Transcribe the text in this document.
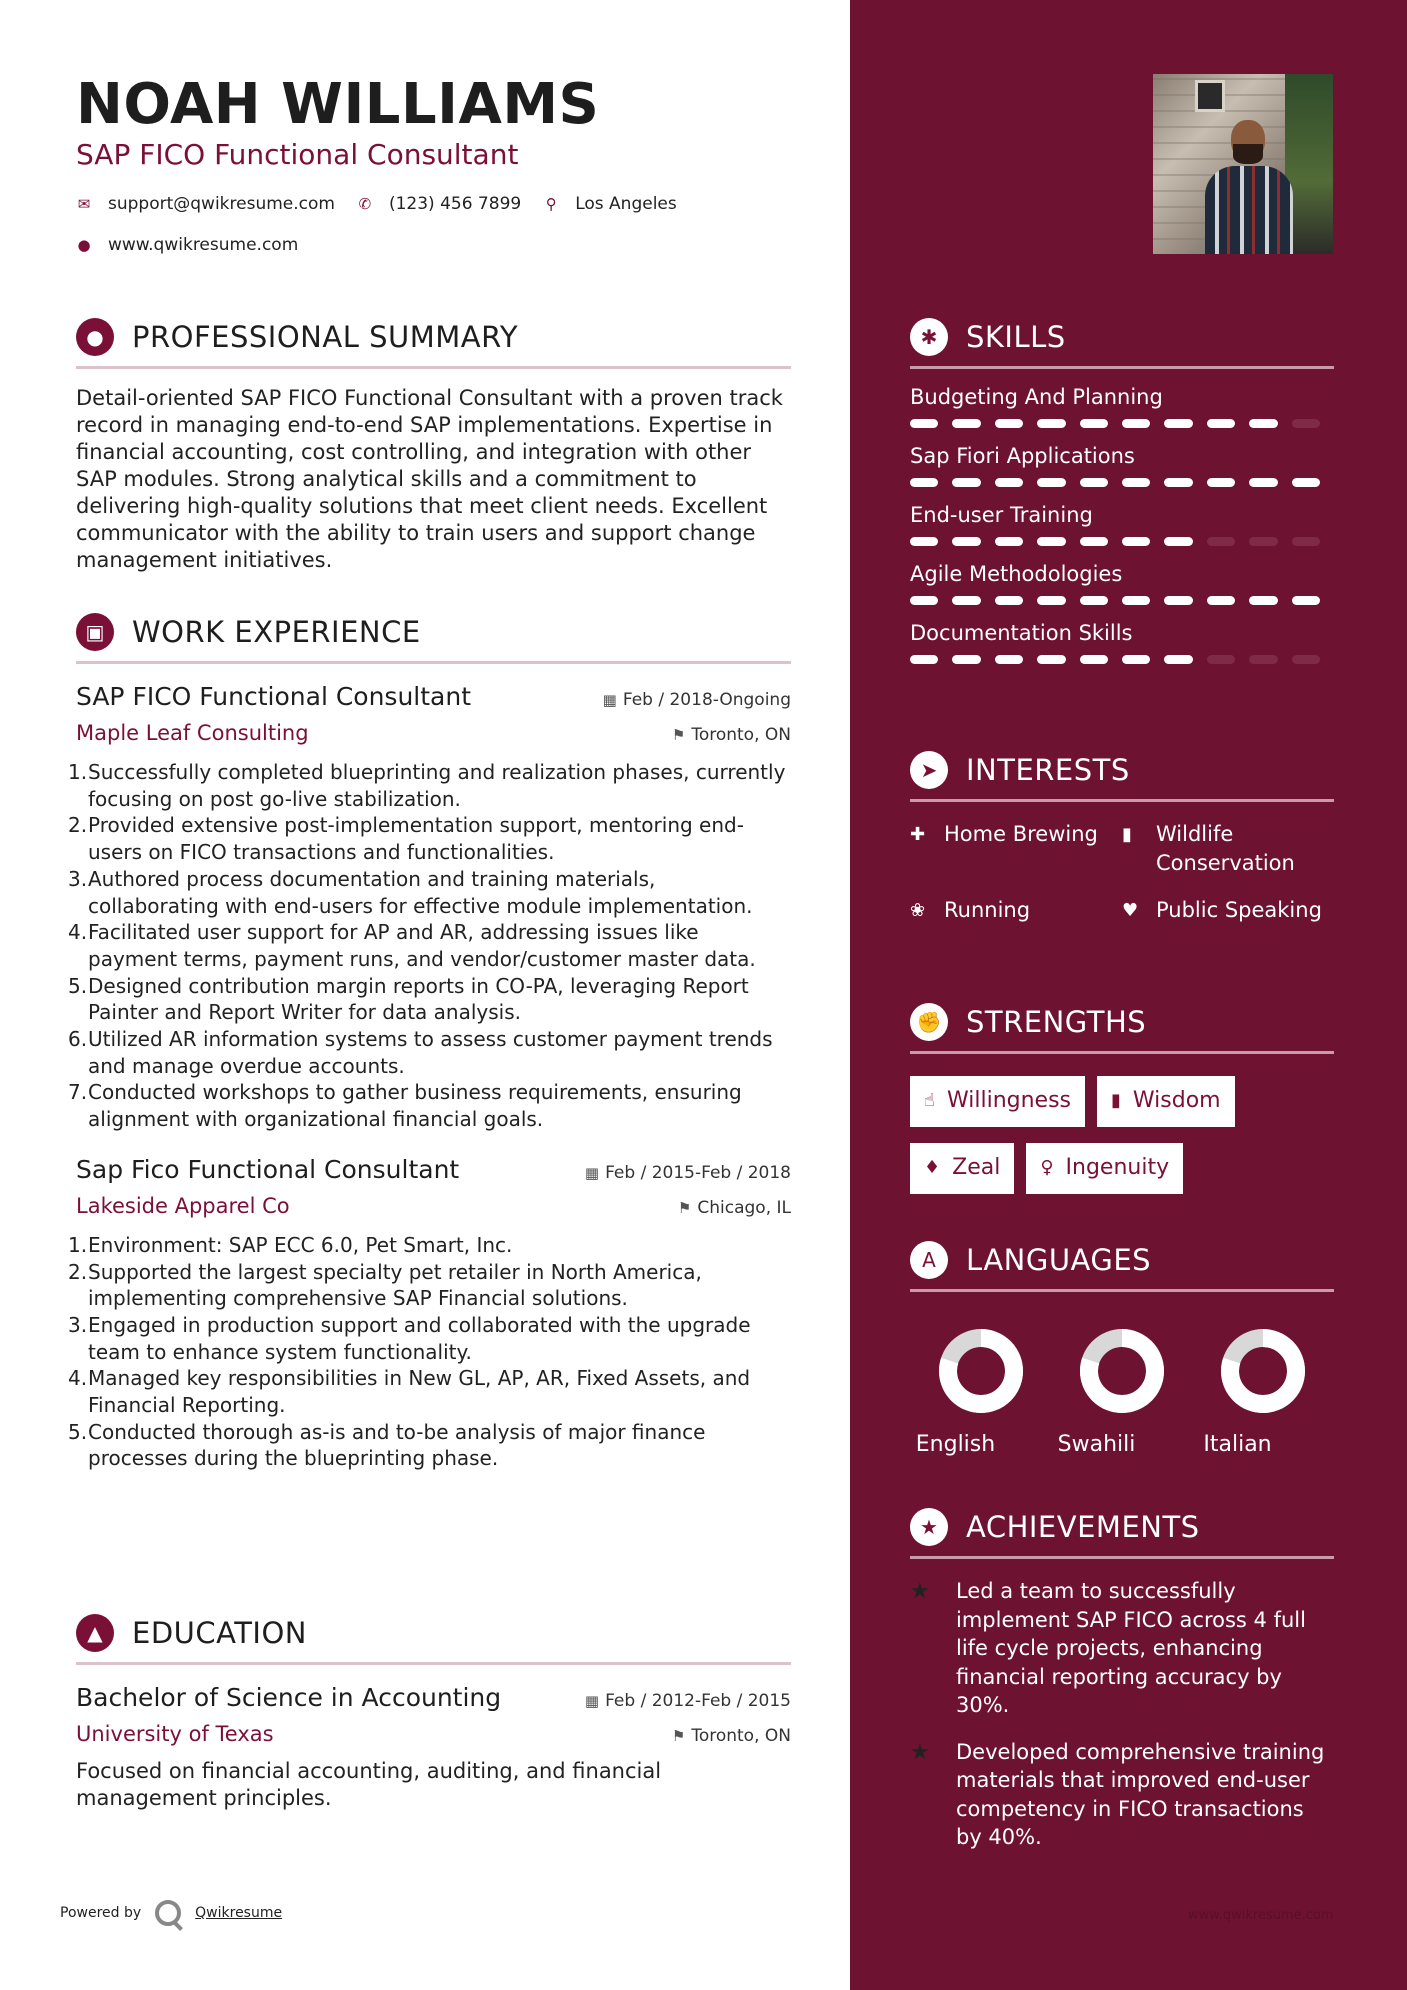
NOAH WILLIAMS
SAP FICO Functional Consultant
✉ support@qwikresume.com ✆ (123) 456 7899 ⚲ Los Angeles
● www.qwikresume.com
● PROFESSIONAL SUMMARY
Detail-oriented SAP FICO Functional Consultant with a proven track record in managing end-to-end SAP implementations. Expertise in financial accounting, cost controlling, and integration with other SAP modules. Strong analytical skills and a commitment to delivering high-quality solutions that meet client needs. Excellent communicator with the ability to train users and support change management initiatives.
▣ WORK EXPERIENCE
SAP FICO Functional Consultant	▦ Feb / 2018-Ongoing
Maple Leaf Consulting	⚑ Toronto, ON
1. Successfully completed blueprinting and realization phases, currently focusing on post go-live stabilization.
2. Provided extensive post-implementation support, mentoring end-users on FICO transactions and functionalities.
3. Authored process documentation and training materials, collaborating with end-users for effective module implementation.
4. Facilitated user support for AP and AR, addressing issues like payment terms, payment runs, and vendor/customer master data.
5. Designed contribution margin reports in CO-PA, leveraging Report Painter and Report Writer for data analysis.
6. Utilized AR information systems to assess customer payment trends and manage overdue accounts.
7. Conducted workshops to gather business requirements, ensuring alignment with organizational financial goals.
Sap Fico Functional Consultant	▦ Feb / 2015-Feb / 2018
Lakeside Apparel Co	⚑ Chicago, IL
1. Environment: SAP ECC 6.0, Pet Smart, Inc.
2. Supported the largest specialty pet retailer in North America, implementing comprehensive SAP Financial solutions.
3. Engaged in production support and collaborated with the upgrade team to enhance system functionality.
4. Managed key responsibilities in New GL, AP, AR, Fixed Assets, and Financial Reporting.
5. Conducted thorough as-is and to-be analysis of major finance processes during the blueprinting phase.
▲	EDUCATION
Bachelor of Science in Accounting	▦ Feb / 2012-Feb / 2015
University of Texas	⚑ Toronto, ON
Focused on financial accounting, auditing, and financial management principles.
Powered by	Qwikresume	www.qwikresume.com
✱ SKILLS
Budgeting And Planning
Sap Fiori Applications
End-user Training
Agile Methodologies
Documentation Skills
➤ INTERESTS
✚ Home Brewing ▮	Wildlife Conservation
❀ Running	♥ Public Speaking
✊ STRENGTHS
☝ Willingness ▮ Wisdom
♦ Zeal ♀ Ingenuity
A	LANGUAGES
English	Swahili	Italian
★ ACHIEVEMENTS
★	Led a team to successfully implement SAP FICO across 4 full life cycle projects, enhancing financial reporting accuracy by 30%.
★	Developed comprehensive training materials that improved end-user competency in FICO transactions by 40%.
